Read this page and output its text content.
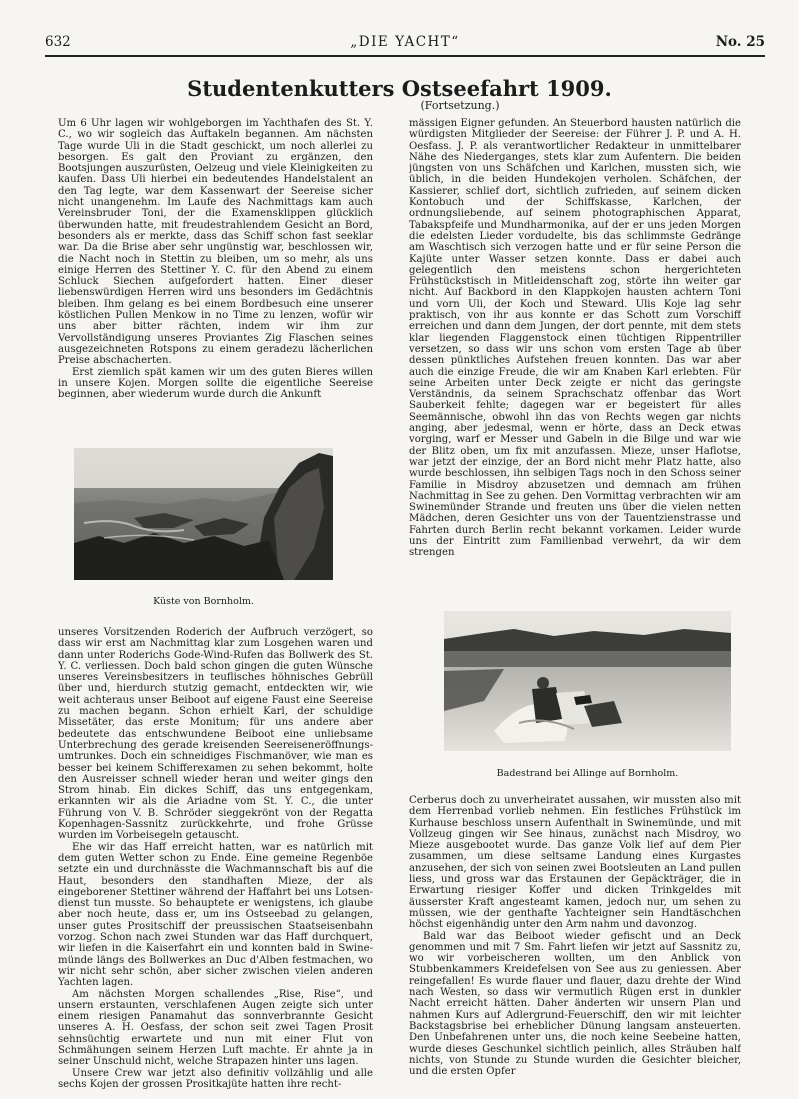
632	„DIE YACHT“	No. 25
Studentenkutters Ostseefahrt 1909.
(Fortsetzung.)

Um 6 Uhr lagen wir wohlgeborgen im Yachthafen des St. Y. C., wo wir sogleich das Auftakeln begannen. Am nächsten Tage wurde Uli in die Stadt geschickt, um noch allerlei zu besorgen. Es galt den Proviant zu ergänzen, den Bootsjungen auszurüsten, Oelzeug und viele Kleinigkeiten zu kaufen. Dass Uli hierbei ein bedeutendes Handelstalent an den Tag legte, war dem Kassenwart der Seereise sicher nicht unangenehm. Im Laufe des Nachmittags kam auch Vereinsbruder Toni, der die Examensklippen glücklich überwunden hatte, mit freudestrahlendem Gesicht an Bord, besonders als er merkte, dass das Schiff schon fast seeklar war. Da die Brise aber sehr ungünstig war, beschlossen wir, die Nacht noch in Stettin zu bleiben, um so mehr, als uns einige Herren des Stettiner Y. C. für den Abend zu einem Schluck Siechen aufgefordert hatten. Einer dieser liebenswürdigen Herren wird uns besonders im Gedächtnis bleiben. Ihm gelang es bei einem Bordbesuch eine unserer köstlichen Pullen Menkow in no Time zu lenzen, wofür wir uns aber bitter rächten, indem wir ihm zur Vervollständigung unseres Proviantes Zig Flaschen seines ausgezeichneten Rotspons zu einem geradezu lächerlichen Preise abschacherten.

Erst ziemlich spät kamen wir um des guten Bieres willen in unsere Kojen. Morgen sollte die eigentliche Seereise beginnen, aber wiederum wurde durch die Ankunft

Küste von Bornholm.

unseres Vorsitzenden Roderich der Aufbruch verzögert, so dass wir erst am Nachmittag klar zum Losgehen waren und dann unter Roderichs Gode-Wind-Rufen das Bollwerk des St. Y. C. verliessen. Doch bald schon gingen die guten Wünsche unseres Vereinsbesitzers in teuflisches höhnisches Gebrüll über und, hierdurch stutzig gemacht, entdeckten wir, wie weit achteraus unser Beiboot auf eigene Faust eine Seereise zu machen begann. Schon erhielt Karl, der schuldige Missetäter, das erste Monitum; für uns andere aber bedeutete das entschwundene Beiboot eine unliebsame Unterbrechung des gerade kreisenden Seereiseneröffnungsumtrunkes. Doch ein schneidiges Fischmanöver, wie man es besser bei keinem Schifferexamen zu sehen bekommt, holte den Ausreisser schnell wieder heran und weiter gings den Strom hinab. Ein dickes Schiff, das uns entgegenkam, erkannten wir als die Ariadne vom St. Y. C., die unter Führung von V. B. Schröder sieggekrönt von der Regatta Kopenhagen-Sassnitz zurückkehrte, und frohe Grüsse wurden im Vorbeisegeln getauscht.

Ehe wir das Haff erreicht hatten, war es natürlich mit dem guten Wetter schon zu Ende. Eine gemeine Regenböe setzte ein und durchnässte die Wachmannschaft bis auf die Haut, besonders den standhaften Mieze, der als eingeborener Stettiner während der Haffahrt bei uns Lotsendienst tun musste. So behauptete er wenigstens, ich glaube aber noch heute, dass er, um ins Ostseebad zu gelangen, unser gutes Prositschiff der preussischen Staatseisenbahn vorzog. Schon nach zwei Stunden war das Haff durchquert, wir liefen in die Kaiserfahrt ein und konnten bald in Swinemünde längs des Bollwerkes an Duc d'Alben festmachen, wo wir nicht sehr schön, aber sicher zwischen vielen anderen Yachten lagen.

Am nächsten Morgen schallendes „Rise, Rise“, und unsern erstaunten, verschlafenen Augen zeigte sich unter einem riesigen Panamahut das sonnverbrannte Gesicht unseres A. H. Oesfass, der schon seit zwei Tagen Prosit sehnsüchtig erwartete und nun mit einer Flut von Schmähungen seinem Herzen Luft machte. Er ahnte ja in seiner Unschuld nicht, welche Strapazen hinter uns lagen.

Unsere Crew war jetzt also definitiv vollzählig und alle sechs Kojen der grossen Prositkajüte hatten ihre recht-

mässigen Eigner gefunden. An Steuerbord hausten natürlich die würdigsten Mitglieder der Seereise: der Führer J. P. und A. H. Oesfass. J. P. als verantwortlicher Redakteur in unmittelbarer Nähe des Niederganges, stets klar zum Aufentern. Die beiden jüngsten von uns Schäfchen und Karlchen, mussten sich, wie üblich, in die beiden Hundekojen verholen. Schäfchen, der Kassierer, schlief dort, sichtlich zufrieden, auf seinem dicken Kontobuch und der Schiffskasse, Karlchen, der ordnungsliebende, auf seinem photographischen Apparat, Tabakspfeife und Mundharmonika, auf der er uns jeden Morgen die edelsten Lieder vordudelte, bis das schlimmste Gedränge am Waschtisch sich verzogen hatte und er für seine Person die Kajüte unter Wasser setzen konnte. Dass er dabei auch gelegentlich den meistens schon hergerichteten Frühstückstisch in Mitleidenschaft zog, störte ihn weiter gar nicht. Auf Backbord in den Klappkojen hausten achtern Toni und vorn Uli, der Koch und Steward. Ulis Koje lag sehr praktisch, von ihr aus konnte er das Schott zum Vorschiff erreichen und dann dem Jungen, der dort pennte, mit dem stets klar liegenden Flaggenstock einen tüchtigen Rippentriller versetzen, so dass wir uns schon vom ersten Tage ab über dessen pünktliches Aufstehen freuen konnten. Das war aber auch die einzige Freude, die wir am Knaben Karl erlebten. Für seine Arbeiten unter Deck zeigte er nicht das geringste Verständnis, da seinem Sprachschatz offenbar das Wort Sauberkeit fehlte; dagegen war er begeistert für alles Seemännische, obwohl ihn das von Rechts wegen gar nichts anging, aber jedesmal, wenn er hörte, dass an Deck etwas vorging, warf er Messer und Gabeln in die Bilge und war wie der Blitz oben, um fix mit anzufassen. Mieze, unser Haflotse, war jetzt der einzige, der an Bord nicht mehr Platz hatte, also wurde beschlossen, ihn selbigen Tags noch in den Schoss seiner Familie in Misdroy abzusetzen und demnach am frühen Nachmittag in See zu gehen. Den Vormittag verbrachten wir am Swinemünder Strande und freuten uns über die vielen netten Mädchen, deren Gesichter uns von der Tauentzienstrasse und Fahrten durch Berlin recht bekannt vorkamen. Leider wurde uns der Eintritt zum Familienbad verwehrt, da wir dem strengen

Badestrand bei Allinge auf Bornholm.

Cerberus doch zu unverheiratet aussahen, wir mussten also mit dem Herrenbad vorlieb nehmen. Ein festliches Frühstück im Kurhause beschloss unsern Aufenthalt in Swinemünde, und mit Vollzeug gingen wir See hinaus, zunächst nach Misdroy, wo Mieze ausgebootet wurde. Das ganze Volk lief auf dem Pier zusammen, um diese seltsame Landung eines Kurgastes anzusehen, der sich von seinen zwei Bootsleuten an Land pullen liess, und gross war das Erstaunen der Gepäckträger, die in Erwartung riesiger Koffer und dicken Trinkgeldes mit äusserster Kraft angesteamt kamen, jedoch nur, um sehen zu müssen, wie der genthafte Yachteigner sein Handtäschchen höchst eigenhändig unter den Arm nahm und davonzog.

Bald war das Beiboot wieder gefischt und an Deck genommen und mit 7 Sm. Fahrt liefen wir jetzt auf Sassnitz zu, wo wir vorbeischeren wollten, um den Anblick von Stubbenkammers Kreidefelsen von See aus zu geniessen. Aber reingefallen! Es wurde flauer und flauer, dazu drehte der Wind nach Westen, so dass wir vermutlich Rügen erst in dunkler Nacht erreicht hätten. Daher änderten wir unsern Plan und nahmen Kurs auf Adlergrund-Feuerschiff, den wir mit leichter Backstagsbrise bei erheblicher Dünung langsam ansteuerten. Den Unbefahrenen unter uns, die noch keine Seebeine hatten, wurde dieses Geschunkel sichtlich peinlich, alles Sträuben half nichts, von Stunde zu Stunde wurden die Gesichter bleicher, und die ersten Opfer
